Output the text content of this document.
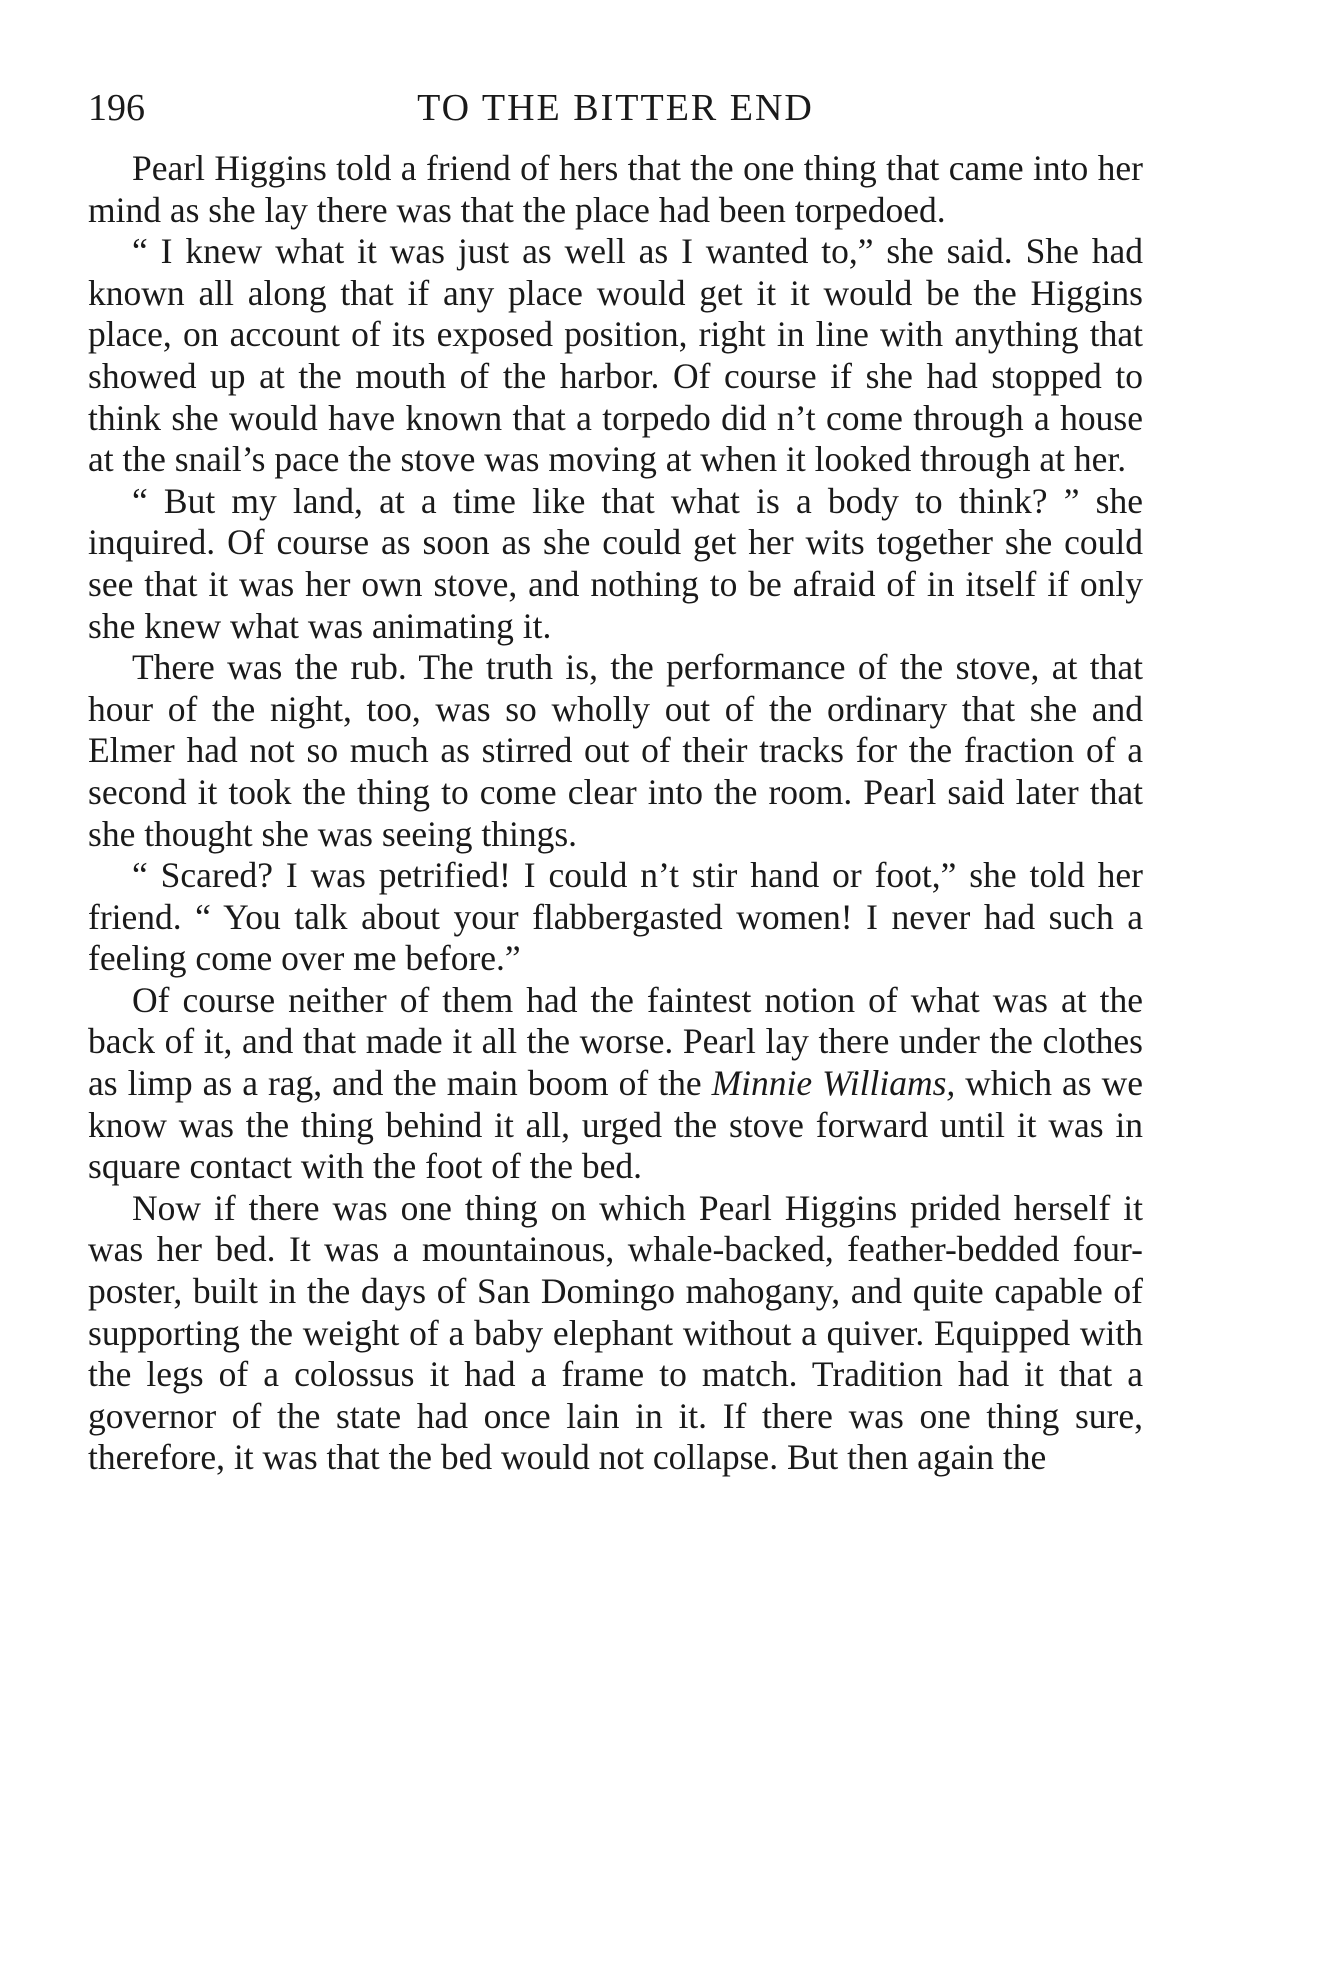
196	TO THE BITTER END

Pearl Higgins told a friend of hers that the one thing that came into her mind as she lay there was that the place had been torpedoed.

“ I knew what it was just as well as I wanted to,” she said. She had known all along that if any place would get it it would be the Higgins place, on account of its exposed position, right in line with anything that showed up at the mouth of the harbor. Of course if she had stopped to think she would have known that a torpedo did n’t come through a house at the snail’s pace the stove was moving at when it looked through at her.

“ But my land, at a time like that what is a body to think? ” she inquired. Of course as soon as she could get her wits together she could see that it was her own stove, and nothing to be afraid of in itself if only she knew what was animating it.

There was the rub. The truth is, the performance of the stove, at that hour of the night, too, was so wholly out of the ordinary that she and Elmer had not so much as stirred out of their tracks for the fraction of a second it took the thing to come clear into the room. Pearl said later that she thought she was seeing things.

“ Scared? I was petrified! I could n’t stir hand or foot,” she told her friend. “ You talk about your flabbergasted women! I never had such a feeling come over me before.”

Of course neither of them had the faintest notion of what was at the back of it, and that made it all the worse. Pearl lay there under the clothes as limp as a rag, and the main boom of the Minnie Williams, which as we know was the thing behind it all, urged the stove forward until it was in square contact with the foot of the bed.

Now if there was one thing on which Pearl Higgins prided herself it was her bed. It was a mountainous, whale-backed, feather-bedded four-poster, built in the days of San Domingo mahogany, and quite capable of supporting the weight of a baby elephant without a quiver. Equipped with the legs of a colossus it had a frame to match. Tradition had it that a governor of the state had once lain in it. If there was one thing sure, therefore, it was that the bed would not collapse. But then again the
